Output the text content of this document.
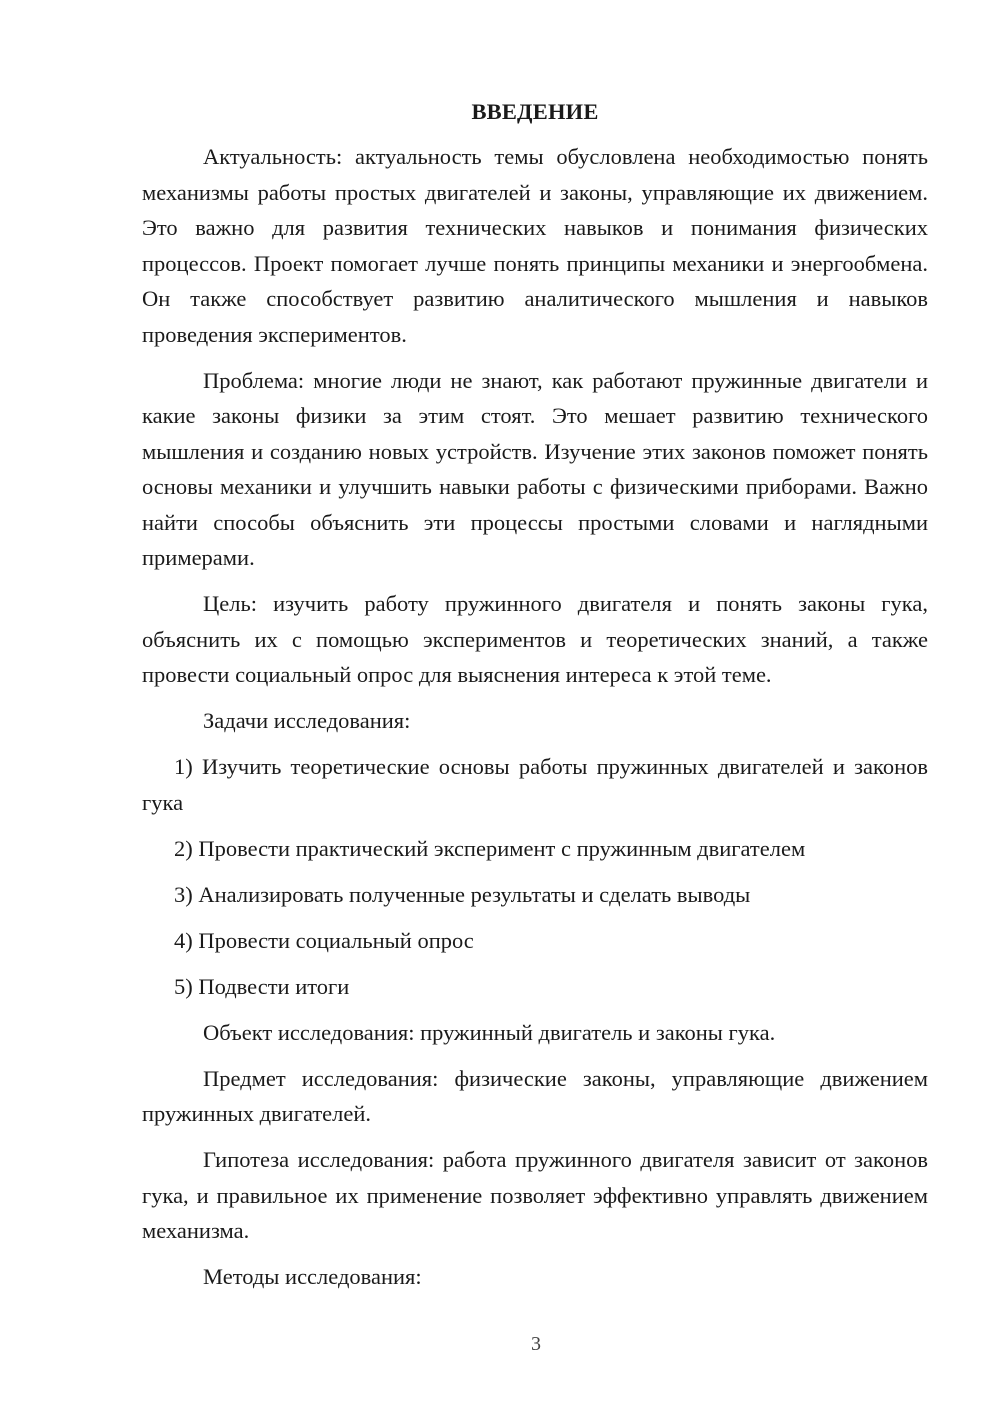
ВВЕДЕНИЕ

Актуальность: актуальность темы обусловлена необходимостью понять механизмы работы простых двигателей и законы, управляющие их движением. Это важно для развития технических навыков и понимания физических процессов. Проект помогает лучше понять принципы механики и энергообмена. Он также способствует развитию аналитического мышления и навыков проведения экспериментов.

Проблема: многие люди не знают, как работают пружинные двигатели и какие законы физики за этим стоят. Это мешает развитию технического мышления и созданию новых устройств. Изучение этих законов поможет понять основы механики и улучшить навыки работы с физическими приборами. Важно найти способы объяснить эти процессы простыми словами и наглядными примерами.

Цель: изучить работу пружинного двигателя и понять законы гука, объяснить их с помощью экспериментов и теоретических знаний, а также провести социальный опрос для выяснения интереса к этой теме.

Задачи исследования:

1) Изучить теоретические основы работы пружинных двигателей и законов гука

2) Провести практический эксперимент с пружинным двигателем

3) Анализировать полученные результаты и сделать выводы

4) Провести социальный опрос

5) Подвести итоги

Объект исследования: пружинный двигатель и законы гука.

Предмет исследования: физические законы, управляющие движением пружинных двигателей.

Гипотеза исследования: работа пружинного двигателя зависит от законов гука, и правильное их применение позволяет эффективно управлять движением механизма.

Методы исследования:

3
